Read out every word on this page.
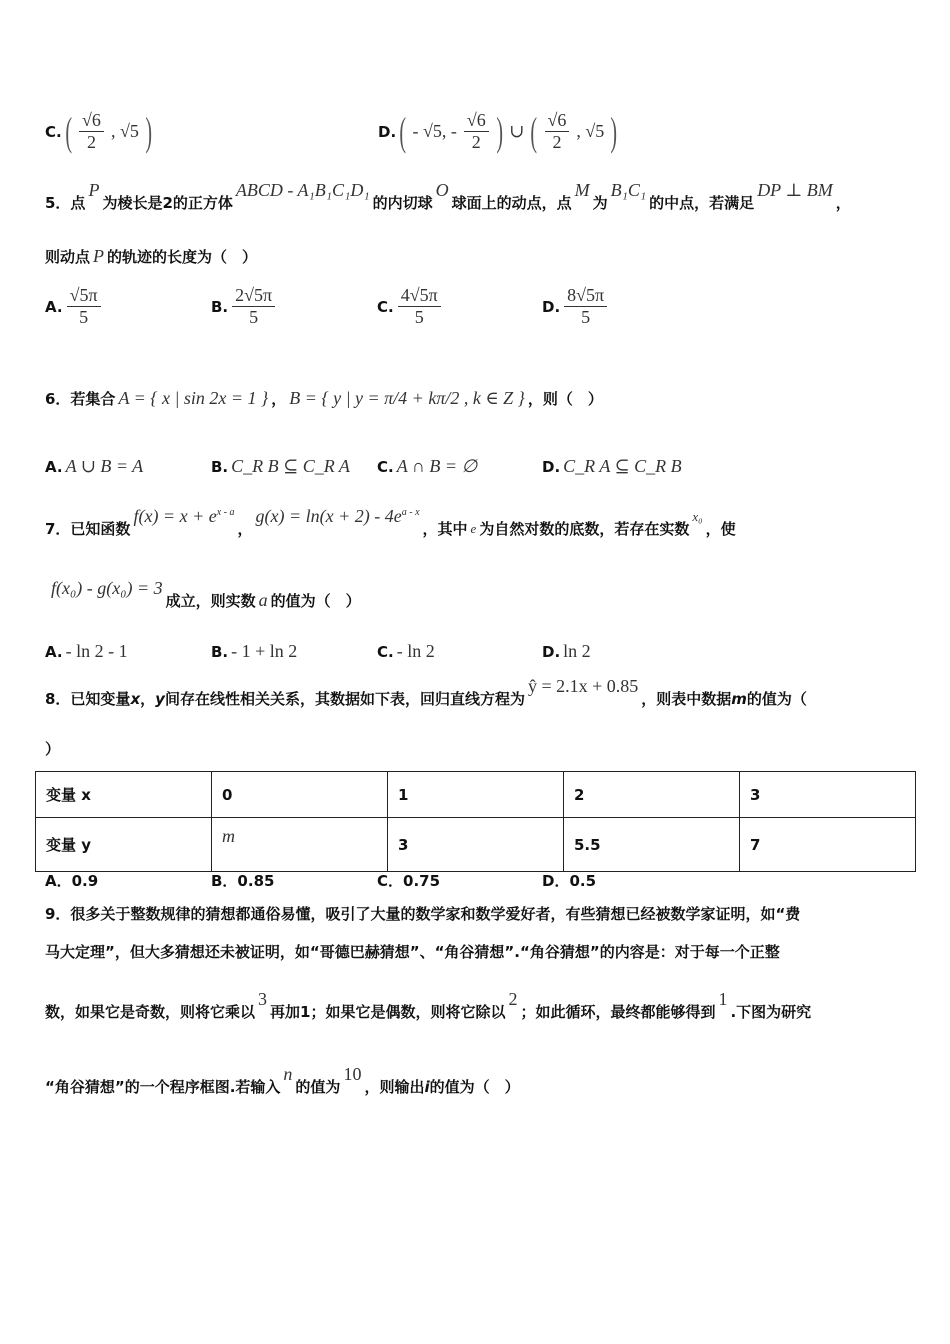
C. ( $\frac{√6}{2}$ , √5 )	D. ( - √5, - $\frac{√6}{2}$ ) ∪ ( $\frac{√6}{2}$ , √5 )
5．点
P
为棱长是2的正方体
ABCD - A₁B₁C₁D₁
的内切球
O
球面上的动点，点
M
为
B₁C₁
的中点，若满足
DP ⊥ BM
，
则动点 P 的轨迹的长度为（　）
A. $\frac{√5\pi}{5}$	B. $\frac{2√5\pi}{5}$	C. $\frac{4√5\pi}{5}$	D. $\frac{8√5\pi}{5}$
6．若集合 A = { x | sin 2x = 1 } ， B = { y | y = π/4 + kπ/2 , k ∈ Z } ，则（　）
A. A ∪ B = A	B. C_R B ⊆ C_R A C. A ∩ B = ∅	D. C_R A ⊆ C_R B
7．已知函数
$f(x) = x + e^{x - a}$
，
$g(x) = \ln(x + 2) - 4e^{a - x}$
，其中 e 为自然对数的底数，若存在实数
x₀
，使
f(x₀) - g(x₀) = 3
成立，则实数 a 的值为（　）
A. - ln 2 - 1	B. - 1 + ln 2	C. - ln 2	D. ln 2
8．已知变量 x ， y 间存在线性相关关系，其数据如下表，回归直线方程为
ŷ = 2.1x + 0.85
，则表中数据 m 的值为（
）
变量 x	0	1	2	3
变量 y	m	3	5.5	7
A．0.9	B．0.85	C．0.75	D．0.5
9．很多关于整数规律的猜想都通俗易懂，吸引了大量的数学家和数学爱好者，有些猜想已经被数学家证明，如“费
马大定理”，但大多猜想还未被证明，如“哥德巴赫猜想”、“角谷猜想”.“角谷猜想”的内容是：对于每一个正整
数，如果它是奇数，则将它乘以
3
再加1；如果它是偶数，则将它除以
2
；如此循环，最终都能够得到
1
.下图为研究
“角谷猜想”的一个程序框图.若输入
n
的值为
10
，则输出 i 的值为（　）
